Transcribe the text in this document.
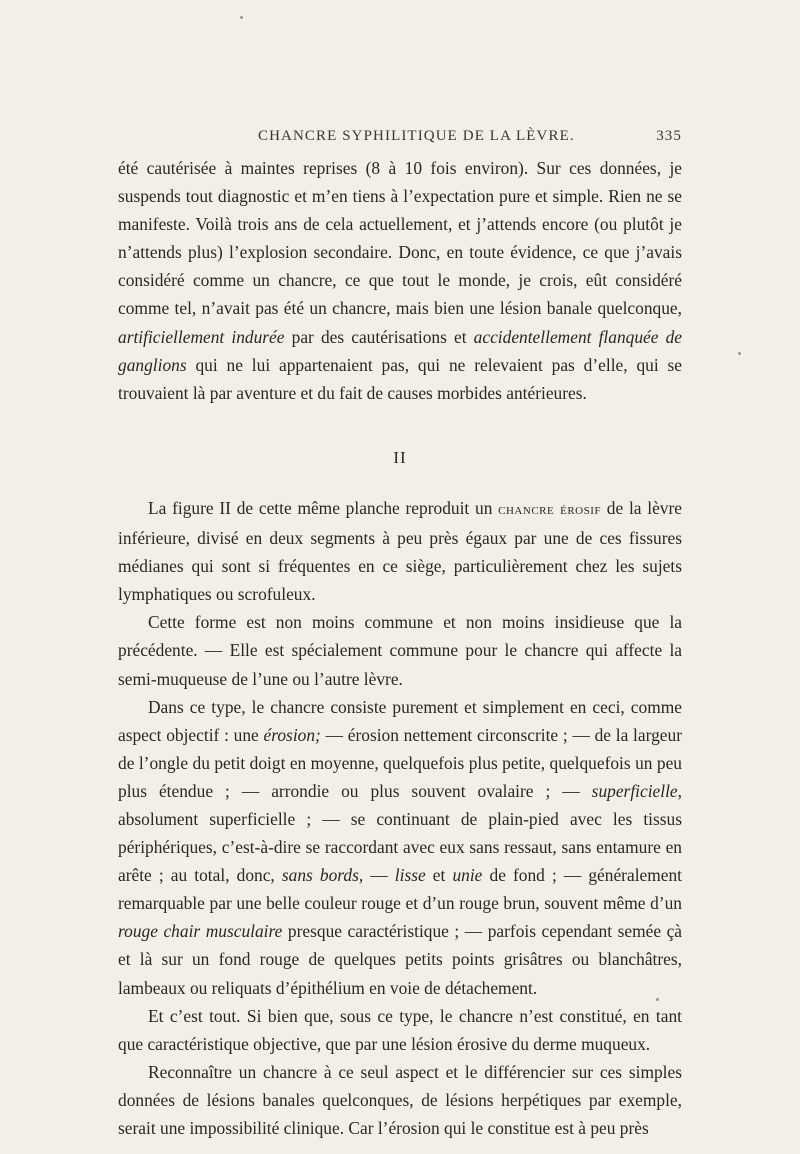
CHANCRE SYPHILITIQUE DE LA LÈVRE.	335

été cautérisée à maintes reprises (8 à 10 fois environ). Sur ces données, je suspends tout diagnostic et m’en tiens à l’expectation pure et simple. Rien ne se manifeste. Voilà trois ans de cela actuellement, et j’attends encore (ou plutôt je n’attends plus) l’explosion secondaire. Donc, en toute évidence, ce que j’avais considéré comme un chancre, ce que tout le monde, je crois, eût considéré comme tel, n’avait pas été un chancre, mais bien une lésion banale quelconque, artificiellement indurée par des cautérisations et accidentellement flanquée de ganglions qui ne lui appartenaient pas, qui ne relevaient pas d’elle, qui se trouvaient là par aventure et du fait de causes morbides antérieures.

II

La figure II de cette même planche reproduit un chancre érosif de la lèvre inférieure, divisé en deux segments à peu près égaux par une de ces fissures médianes qui sont si fréquentes en ce siège, particulièrement chez les sujets lymphatiques ou scrofuleux.

Cette forme est non moins commune et non moins insidieuse que la précédente. — Elle est spécialement commune pour le chancre qui affecte la semi-muqueuse de l’une ou l’autre lèvre.

Dans ce type, le chancre consiste purement et simplement en ceci, comme aspect objectif : une érosion; — érosion nettement circonscrite ; — de la largeur de l’ongle du petit doigt en moyenne, quelquefois plus petite, quelquefois un peu plus étendue ; — arrondie ou plus souvent ovalaire ; — superficielle, absolument superficielle ; — se continuant de plain-pied avec les tissus périphériques, c’est-à-dire se raccordant avec eux sans ressaut, sans entamure en arête ; au total, donc, sans bords, — lisse et unie de fond ; — généralement remarquable par une belle couleur rouge et d’un rouge brun, souvent même d’un rouge chair musculaire presque caractéristique ; — parfois cependant semée çà et là sur un fond rouge de quelques petits points grisâtres ou blanchâtres, lambeaux ou reliquats d’épithélium en voie de détachement.

Et c’est tout. Si bien que, sous ce type, le chancre n’est constitué, en tant que caractéristique objective, que par une lésion érosive du derme muqueux.

Reconnaître un chancre à ce seul aspect et le différencier sur ces simples données de lésions banales quelconques, de lésions herpétiques par exemple, serait une impossibilité clinique. Car l’érosion qui le constitue est à peu près
